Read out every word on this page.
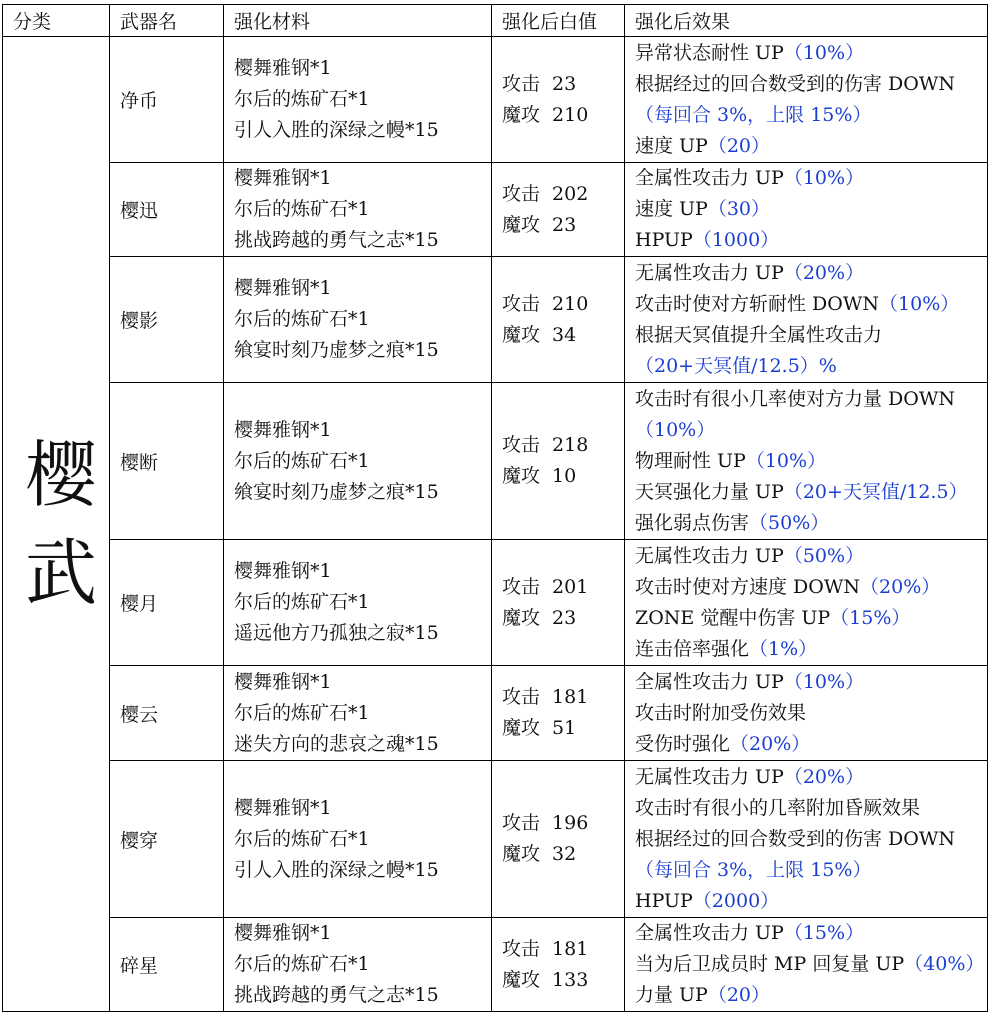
分类	武器名	强化材料	强化后白值	强化后效果

樱武	净币	樱舞雅钢*1
尔后的炼矿石*1
引人入胜的深绿之幔*15	攻击 23
魔攻 210	异常状态耐性 UP（10%）
根据经过的回合数受到的伤害 DOWN
（每回合 3%，上限 15%）
速度 UP（20）

	樱迅	樱舞雅钢*1
尔后的炼矿石*1
挑战跨越的勇气之志*15	攻击 202
魔攻 23	全属性攻击力 UP（10%）
速度 UP（30）
HPUP（1000）

	樱影	樱舞雅钢*1
尔后的炼矿石*1
飨宴时刻乃虚梦之痕*15	攻击 210
魔攻 34	无属性攻击力 UP（20%）
攻击时使对方斩耐性 DOWN（10%）
根据天冥值提升全属性攻击力
（20+天冥值/12.5）%

	樱断	樱舞雅钢*1
尔后的炼矿石*1
飨宴时刻乃虚梦之痕*15	攻击 218
魔攻 10	攻击时有很小几率使对方力量 DOWN
（10%）
物理耐性 UP（10%）
天冥强化力量 UP（20+天冥值/12.5）
强化弱点伤害（50%）

	樱月	樱舞雅钢*1
尔后的炼矿石*1
遥远他方乃孤独之寂*15	攻击 201
魔攻 23	无属性攻击力 UP（50%）
攻击时使对方速度 DOWN（20%）
ZONE 觉醒中伤害 UP（15%）
连击倍率强化（1%）

	樱云	樱舞雅钢*1
尔后的炼矿石*1
迷失方向的悲哀之魂*15	攻击 181
魔攻 51	全属性攻击力 UP（10%）
攻击时附加受伤效果
受伤时强化（20%）

	樱穿	樱舞雅钢*1
尔后的炼矿石*1
引人入胜的深绿之幔*15	攻击 196
魔攻 32	无属性攻击力 UP（20%）
攻击时有很小的几率附加昏厥效果
根据经过的回合数受到的伤害 DOWN
（每回合 3%，上限 15%）
HPUP（2000）

	碎星	樱舞雅钢*1
尔后的炼矿石*1
挑战跨越的勇气之志*15	攻击 181
魔攻 133	全属性攻击力 UP（15%）
当为后卫成员时 MP 回复量 UP（40%）
力量 UP（20）
